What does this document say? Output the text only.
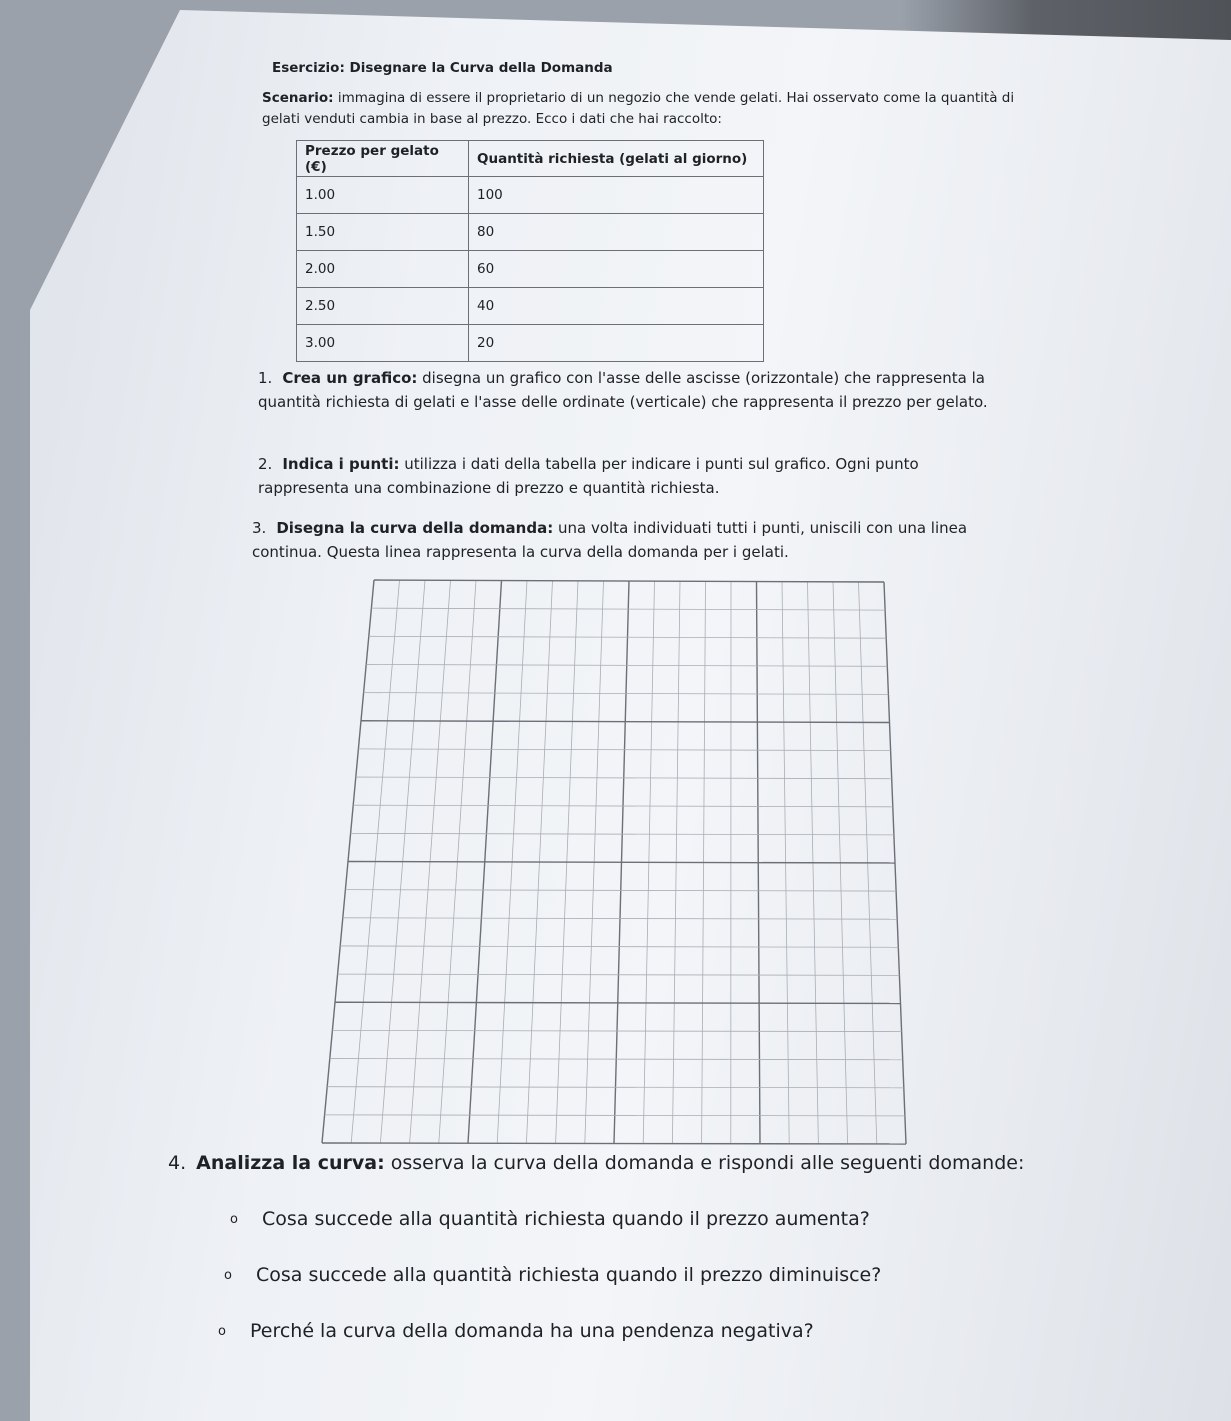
Esercizio: Disegnare la Curva della Domanda
Scenario: immagina di essere il proprietario di un negozio che vende gelati. Hai osservato come la quantità di gelati venduti cambia in base al prezzo. Ecco i dati che hai raccolto:
Prezzo per gelato (€)	Quantità richiesta (gelati al giorno)
1.00	100
1.50	80
2.00	60
2.50	40
3.00	20
1. Crea un grafico: disegna un grafico con l'asse delle ascisse (orizzontale) che rappresenta la quantità richiesta di gelati e l'asse delle ordinate (verticale) che rappresenta il prezzo per gelato.
2. Indica i punti: utilizza i dati della tabella per indicare i punti sul grafico. Ogni punto rappresenta una combinazione di prezzo e quantità richiesta.
3. Disegna la curva della domanda: una volta individuati tutti i punti, uniscili con una linea continua. Questa linea rappresenta la curva della domanda per i gelati.
4. Analizza la curva: osserva la curva della domanda e rispondi alle seguenti domande:
o Cosa succede alla quantità richiesta quando il prezzo aumenta?
o Cosa succede alla quantità richiesta quando il prezzo diminuisce?
o Perché la curva della domanda ha una pendenza negativa?
